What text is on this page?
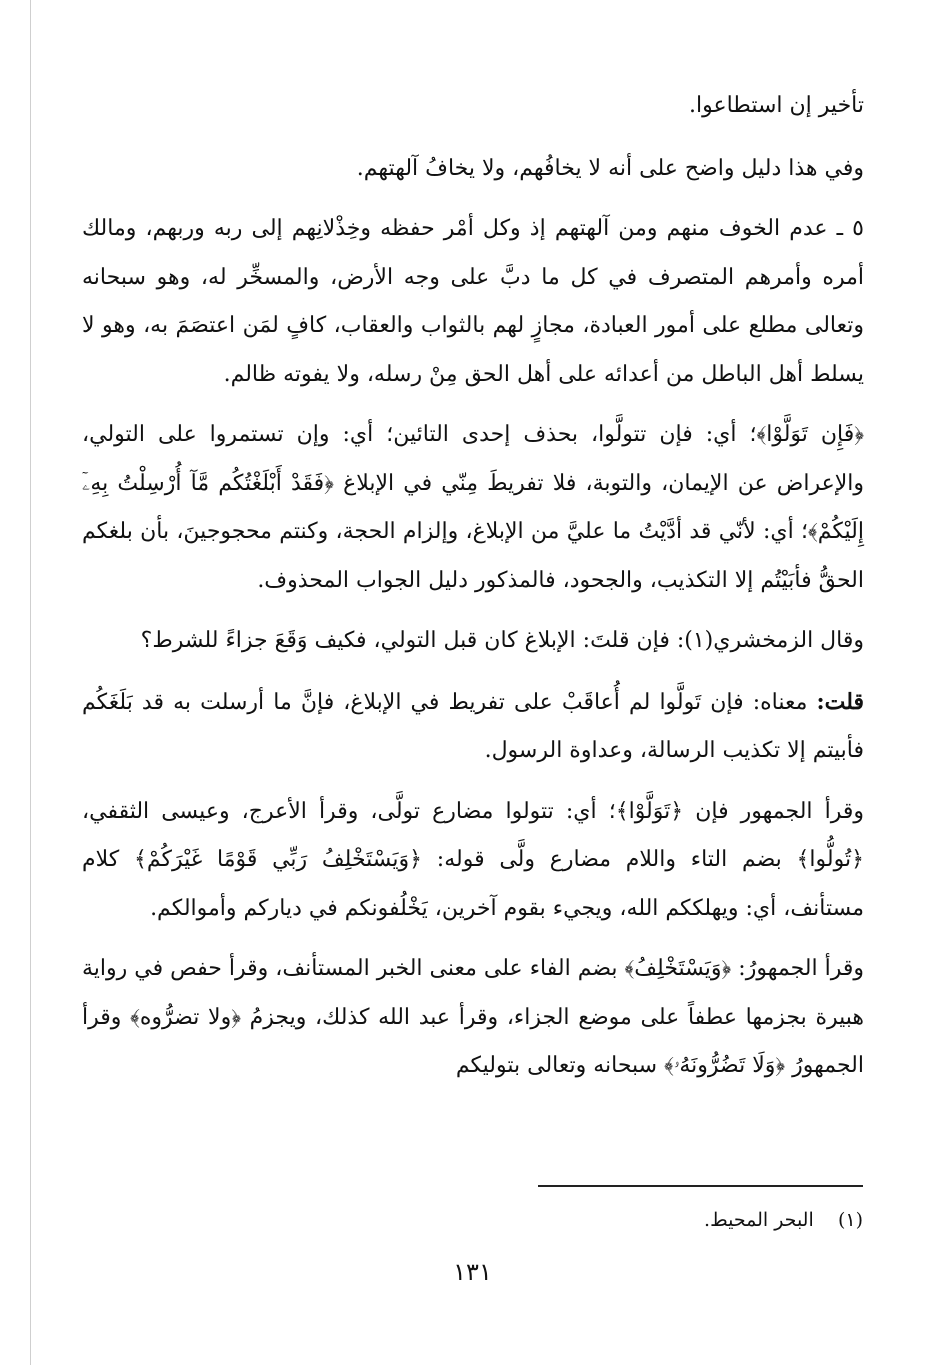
تأخير إن استطاعوا.

وفي هذا دليل واضح على أنه لا يخافُهم، ولا يخافُ آلهتهم.

٥ ـ عدم الخوف منهم ومن آلهتهم إذ وكل أمْر حفظه وخِذْلانِهم إلى ربه وربهم، ومالك أمره وأمرهم المتصرف في كل ما دبَّ على وجه الأرض، والمسخِّر له، وهو سبحانه وتعالى مطلع على أمور العبادة، مجازٍ لهم بالثواب والعقاب، كافٍ لمَن اعتصَمَ به، وهو لا يسلط أهل الباطل من أعدائه على أهل الحق مِنْ رسله، ولا يفوته ظالم.

﴿فَإِن تَوَلَّوْا﴾؛ أي: فإن تتولَّوا، بحذف إحدى التائين؛ أي: وإن تستمروا على التولي، والإعراض عن الإيمان، والتوبة، فلا تفريطَ مِنّي في الإبلاغ ﴿فَقَدْ أَبْلَغْتُكُم مَّآ أُرْسِلْتُ بِهِۦٓ إِلَيْكُمْ﴾؛ أي: لأنّي قد أدَّيْتُ ما عليَّ من الإبلاغ، وإلزام الحجة، وكنتم محجوجينَ، بأن بلغكم الحقُّ فأبَيْتُم إلا التكذيب، والجحود، فالمذكور دليل الجواب المحذوف.

وقال الزمخشري(١): فإن قلتَ: الإبلاغ كان قبل التولي، فكيف وَقَعَ جزاءً للشرط؟

قلت: معناه: فإن تَولَّوا لم أُعاقَبْ على تفريط في الإبلاغ، فإنَّ ما أرسلت به قد بَلَغَكُم فأبيتم إلا تكذيب الرسالة، وعداوة الرسول.

وقرأ الجمهور فإن ﴿تَوَلَّوْا﴾؛ أي: تتولوا مضارع تولَّى، وقرأ الأعرج، وعيسى الثقفي، ﴿تُولُّوا﴾ بضم التاء واللام مضارع ولَّى قوله: ﴿وَيَسْتَخْلِفُ رَبِّي قَوْمًا غَيْرَكُمْ﴾ كلام مستأنف، أي: ويهلككم الله، ويجيء بقوم آخرين، يَخْلُفونكم في دياركم وأموالكم.

وقرأ الجمهورُ: ﴿وَيَسْتَخْلِفُ﴾ بضم الفاء على معنى الخبر المستأنف، وقرأ حفص في رواية هبيرة بجزمها عطفاً على موضع الجزاء، وقرأ عبد الله كذلك، ويجزمُ ﴿ولا تضرُّوه﴾ وقرأ الجمهورُ ﴿وَلَا تَضُرُّونَهُۥ﴾ سبحانه وتعالى بتوليكم

(١)    البحر المحيط.
١٣١
